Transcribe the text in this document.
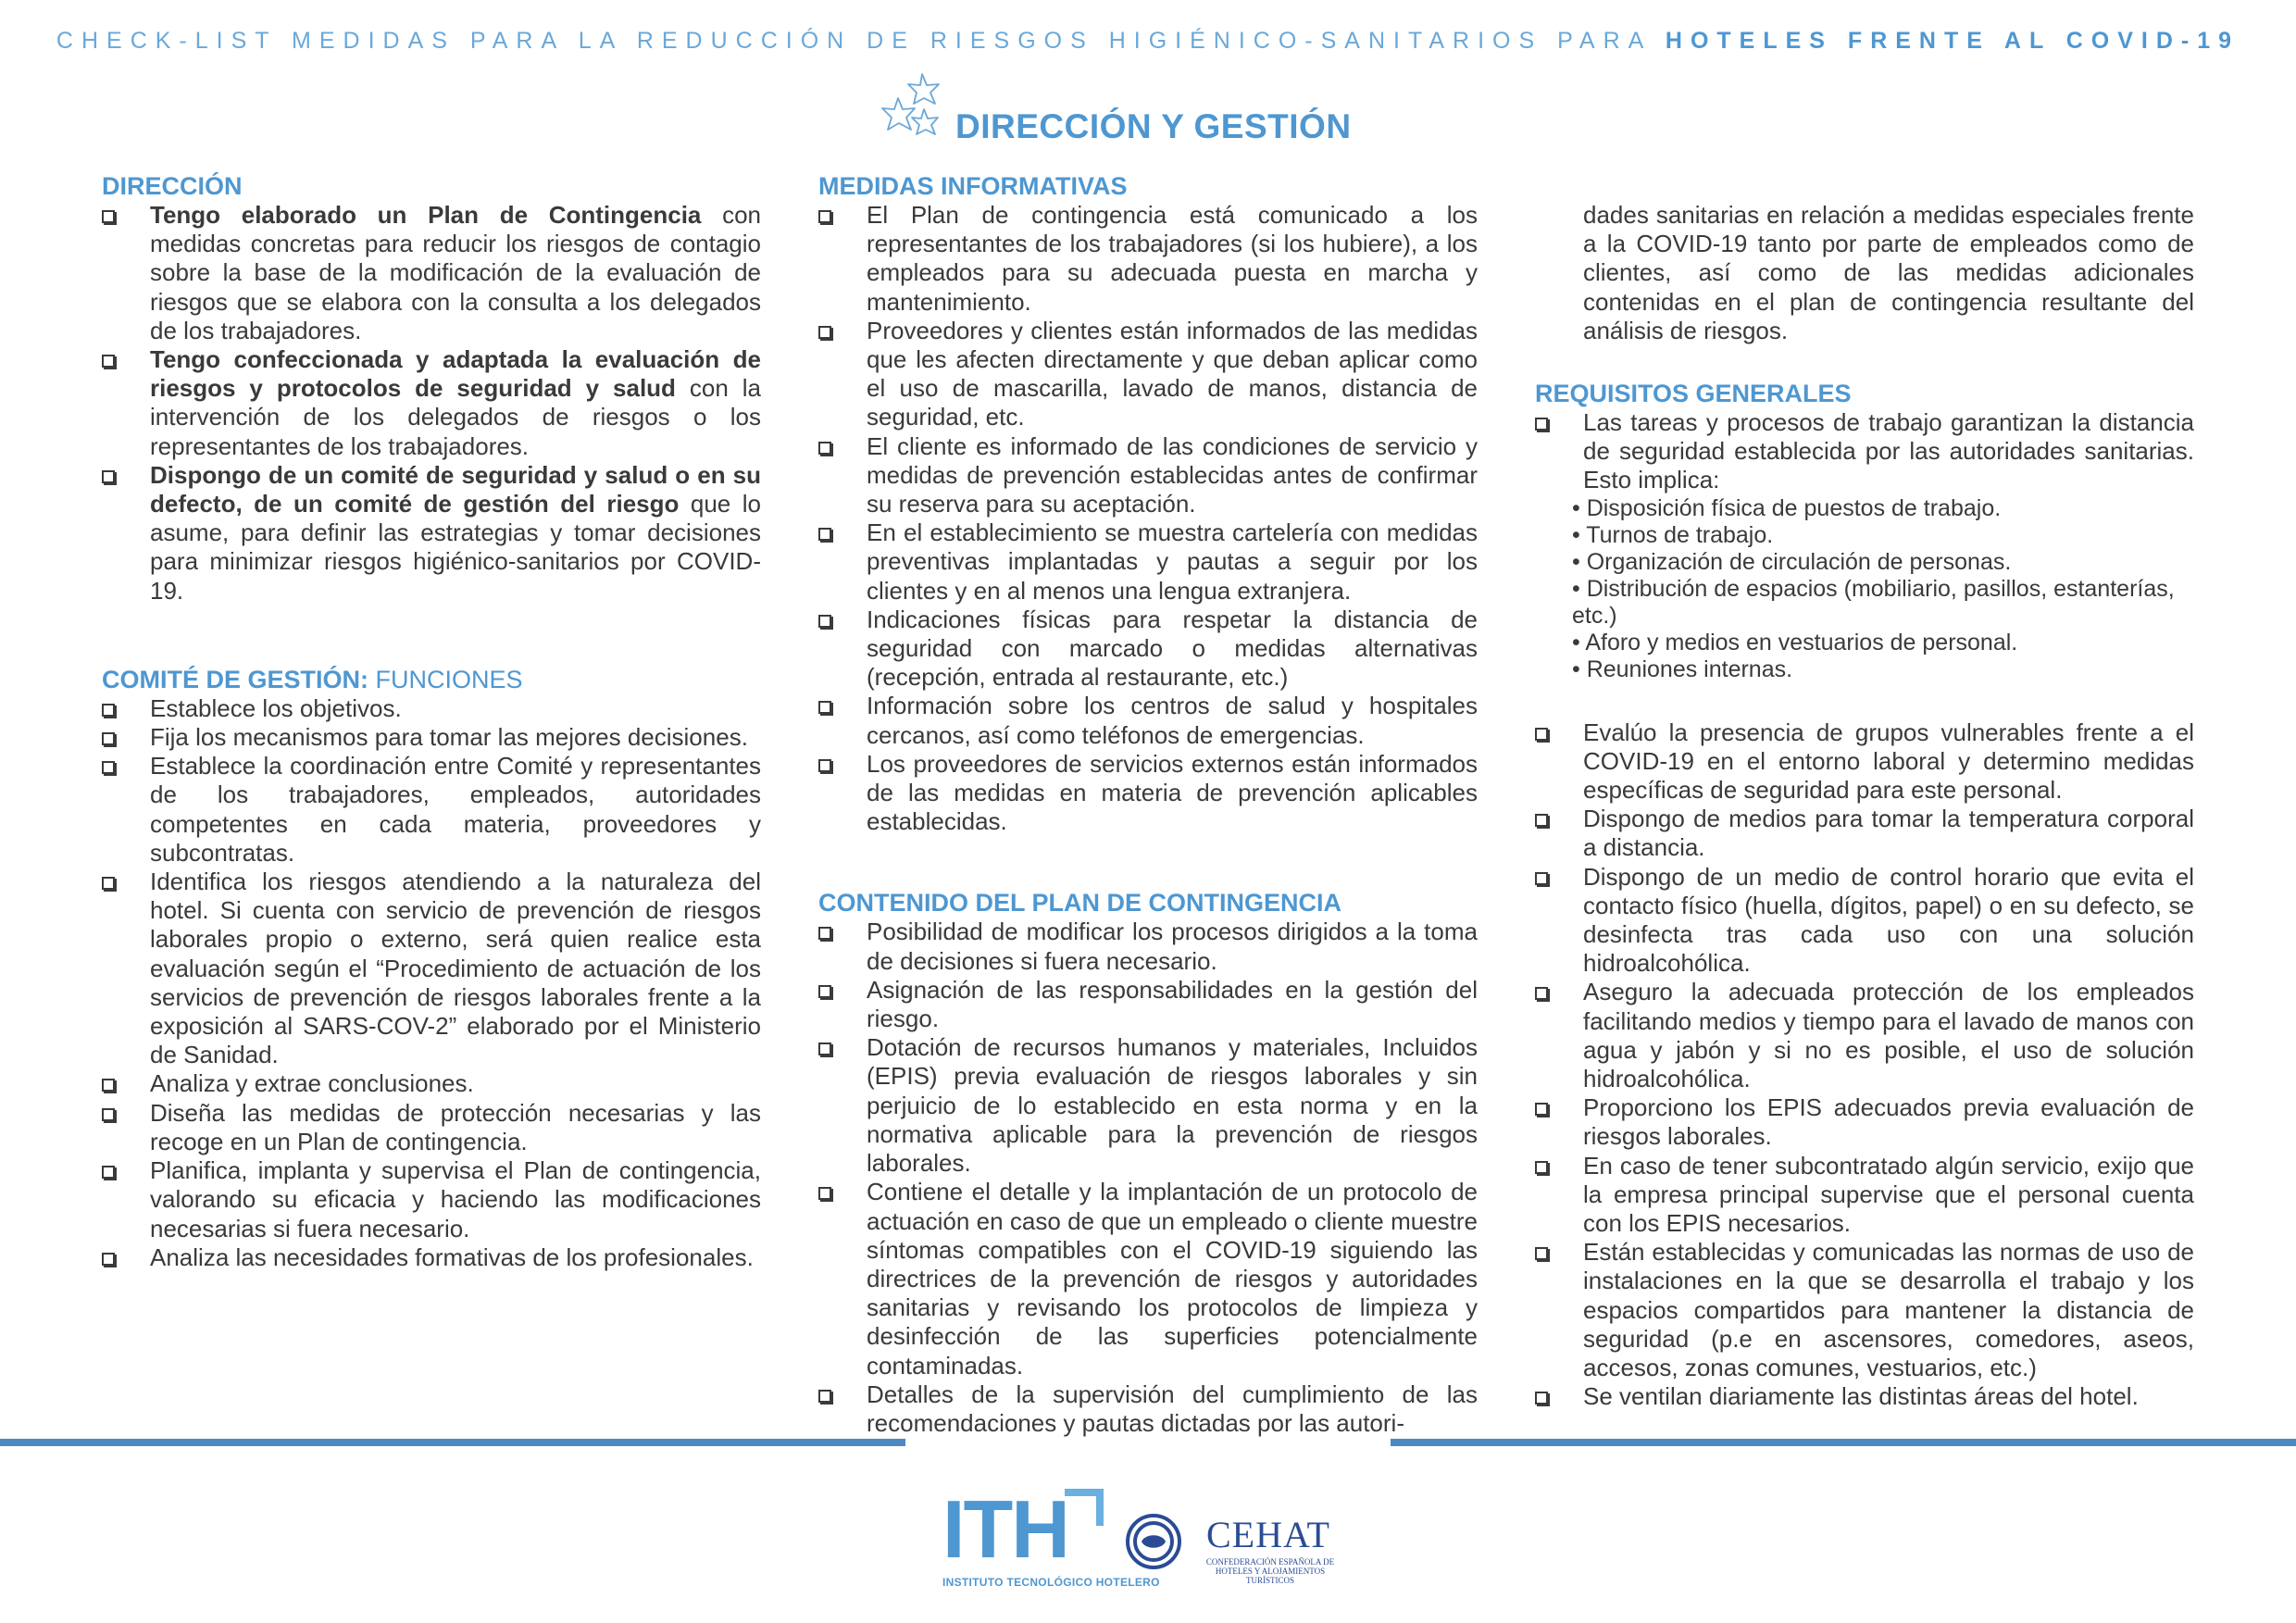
CHECK-LIST MEDIDAS PARA LA REDUCCIÓN DE RIESGOS HIGIÉNICO-SANITARIOS PARA HOTELES FRENTE AL COVID-19
DIRECCIÓN Y GESTIÓN
DIRECCIÓN
Tengo elaborado un Plan de Contingencia con medidas concretas para reducir los riesgos de contagio sobre la base de la modificación de la evaluación de riesgos que se elabora con la consulta a los delegados de los trabajadores.
Tengo confeccionada y adaptada la evaluación de riesgos y protocolos de seguridad y salud con la intervención de los delegados de riesgos o los representantes de los trabajadores.
Dispongo de un comité de seguridad y salud o en su defecto, de un comité de gestión del riesgo que lo asume, para definir las estrategias y tomar decisiones para minimizar riesgos higiénico-sanitarios por COVID-19.
COMITÉ DE GESTIÓN: FUNCIONES
Establece los objetivos.
Fija los mecanismos para tomar las mejores decisiones.
Establece la coordinación entre Comité y representantes de los trabajadores, empleados, autoridades competentes en cada materia, proveedores y subcontratas.
Identifica los riesgos atendiendo a la naturaleza del hotel. Si cuenta con servicio de prevención de riesgos laborales propio o externo, será quien realice esta evaluación según el “Procedimiento de actuación de los servicios de prevención de riesgos laborales frente a la exposición al SARS-COV-2” elaborado por el Ministerio de Sanidad.
Analiza y extrae conclusiones.
Diseña las medidas de protección necesarias y las recoge en un Plan de contingencia.
Planifica, implanta y supervisa el Plan de contingencia, valorando su eficacia y haciendo las modificaciones necesarias si fuera necesario.
Analiza las necesidades formativas de los profesionales.
MEDIDAS INFORMATIVAS
El Plan de contingencia está comunicado a los representantes de los trabajadores (si los hubiere), a los empleados para su adecuada puesta en marcha y mantenimiento.
Proveedores y clientes están informados de las medidas que les afecten directamente y que deban aplicar como el uso de mascarilla, lavado de manos, distancia de seguridad, etc.
El cliente es informado de las condiciones de servicio y medidas de prevención establecidas antes de confirmar su reserva para su aceptación.
En el establecimiento se muestra cartelería con medidas preventivas implantadas y pautas a seguir por los clientes y en al menos una lengua extranjera.
Indicaciones físicas para respetar la distancia de seguridad con marcado o medidas alternativas (recepción, entrada al restaurante, etc.)
Información sobre los centros de salud y hospitales cercanos, así como teléfonos de emergencias.
Los proveedores de servicios externos están informados de las medidas en materia de prevención aplicables establecidas.
CONTENIDO DEL PLAN DE CONTINGENCIA
Posibilidad de modificar los procesos dirigidos a la toma de decisiones si fuera necesario.
Asignación de las responsabilidades en la gestión del riesgo.
Dotación de recursos humanos y materiales, Incluidos (EPIS) previa evaluación de riesgos laborales y sin perjuicio de lo establecido en esta norma y en la normativa aplicable para la prevención de riesgos laborales.
Contiene el detalle y la implantación de un protocolo de actuación en caso de que un empleado o cliente muestre síntomas compatibles con el COVID-19 siguiendo las directrices de la prevención de riesgos y autoridades sanitarias y revisando los protocolos de limpieza y desinfección de las superficies potencialmente contaminadas.
Detalles de la supervisión del cumplimiento de las recomendaciones y pautas dictadas por las autori-

dades sanitarias en relación a medidas especiales frente a la COVID-19 tanto por parte de empleados como de clientes, así como de las medidas adicionales contenidas en el plan de contingencia resultante del análisis de riesgos.

REQUISITOS GENERALES
Las tareas y procesos de trabajo garantizan la distancia de seguridad establecida por las autoridades sanitarias. Esto implica:
• Disposición física de puestos de trabajo.
• Turnos de trabajo.
• Organización de circulación de personas.
• Distribución de espacios (mobiliario, pasillos, estanterías, etc.)
• Aforo y medios en vestuarios de personal.
• Reuniones internas.
Evalúo la presencia de grupos vulnerables frente a el COVID-19 en el entorno laboral y determino medidas específicas de seguridad para este personal.
Dispongo de medios para tomar la temperatura corporal a distancia.
Dispongo de un medio de control horario que evita el contacto físico (huella, dígitos, papel) o en su defecto, se desinfecta tras cada uso con una solución hidroalcohólica.
Aseguro la adecuada protección de los empleados facilitando medios y tiempo para el lavado de manos con agua y jabón y si no es posible, el uso de solución hidroalcohólica.
Proporciono los EPIS adecuados previa evaluación de riesgos laborales.
En caso de tener subcontratado algún servicio, exijo que la empresa principal supervise que el personal cuenta con los EPIS necesarios.
Están establecidas y comunicadas las normas de uso de instalaciones en la que se desarrolla el trabajo y los espacios compartidos para mantener la distancia de seguridad (p.e en ascensores, comedores, aseos, accesos, zonas comunes, vestuarios, etc.)
Se ventilan diariamente las distintas áreas del hotel.
ITH
INSTITUTO TECNOLÓGICO HOTELERO
CEHAT
CONFEDERACIÓN ESPAÑOLA DE HOTELES Y ALOJAMIENTOS TURÍSTICOS
